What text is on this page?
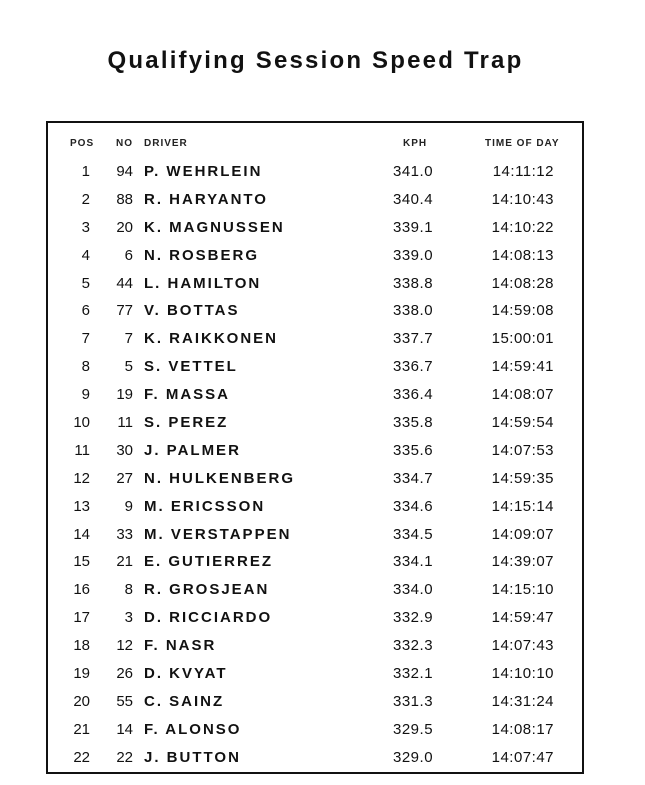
Qualifying Session Speed Trap
POS NO DRIVER	KPH	TIME OF DAY
1 94 P. WEHRLEIN	341.0	14:11:12
2 88 R. HARYANTO	340.4	14:10:43
3 20 K. MAGNUSSEN	339.1	14:10:22
4 6 N. ROSBERG	339.0	14:08:13
5 44 L. HAMILTON	338.8	14:08:28
6 77 V. BOTTAS	338.0	14:59:08
7 7 K. RAIKKONEN	337.7	15:00:01
8 5 S. VETTEL	336.7	14:59:41
9 19 F. MASSA	336.4	14:08:07
10 11 S. PEREZ	335.8	14:59:54
11 30 J. PALMER	335.6	14:07:53
12 27 N. HULKENBERG	334.7	14:59:35
13 9 M. ERICSSON	334.6	14:15:14
14 33 M. VERSTAPPEN	334.5	14:09:07
15 21 E. GUTIERREZ	334.1	14:39:07
16 8 R. GROSJEAN	334.0	14:15:10
17 3 D. RICCIARDO	332.9	14:59:47
18 12 F. NASR	332.3	14:07:43
19 26 D. KVYAT	332.1	14:10:10
20 55 C. SAINZ	331.3	14:31:24
21 14 F. ALONSO	329.5	14:08:17
22 22 J. BUTTON	329.0	14:07:47
